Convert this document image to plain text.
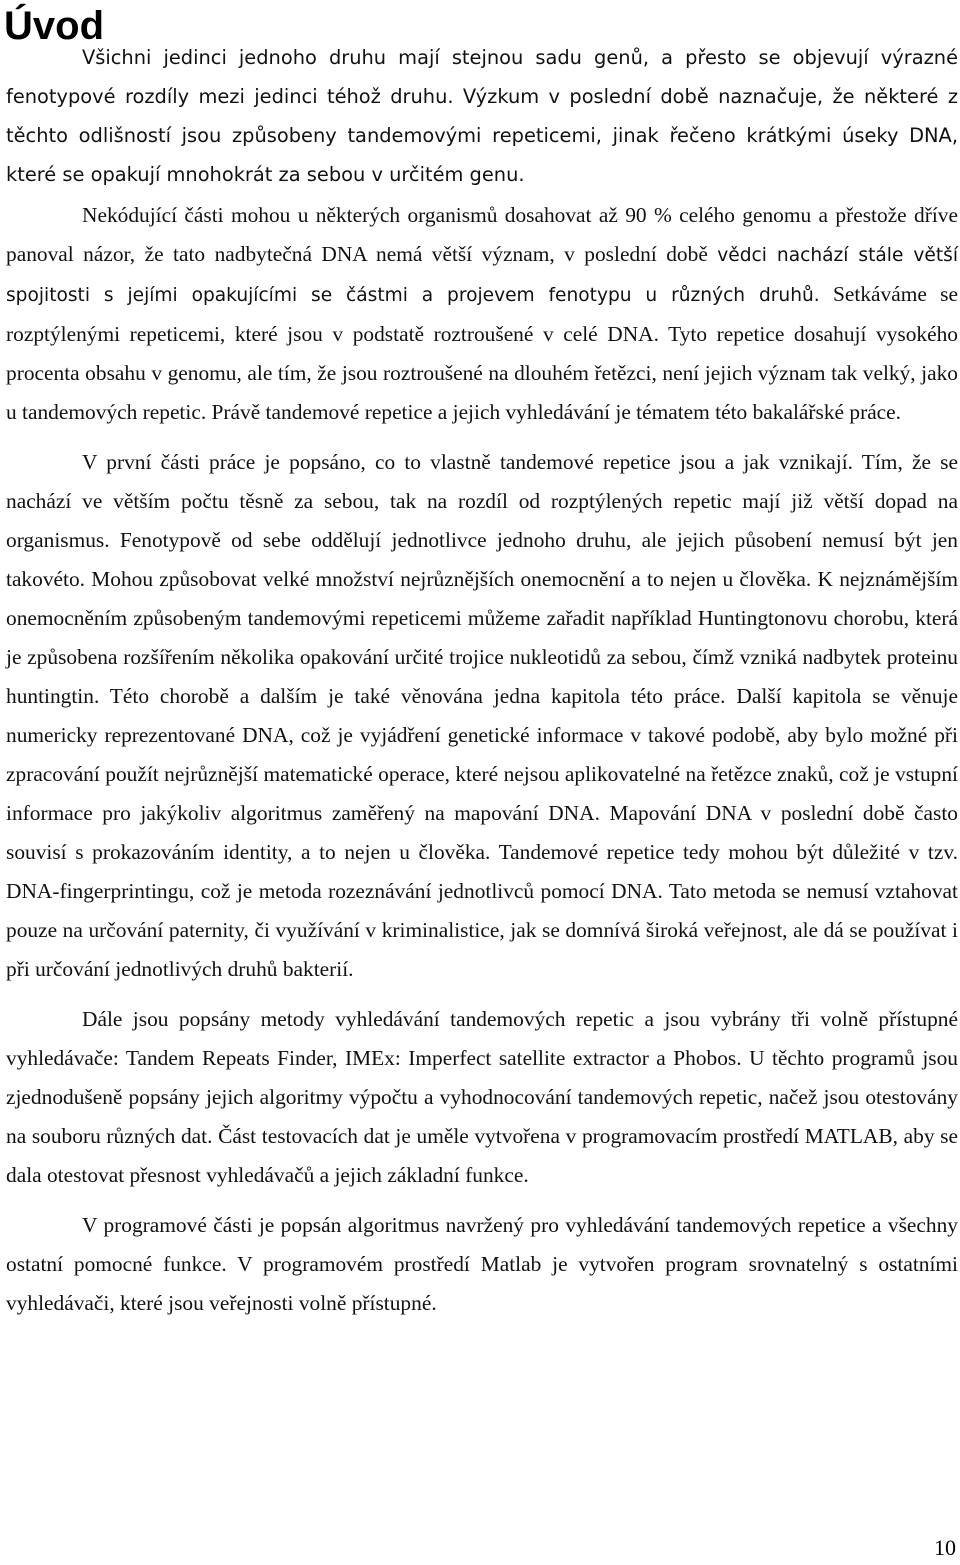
Úvod

Všichni jedinci jednoho druhu mají stejnou sadu genů, a přesto se objevují výrazné fenotypové rozdíly mezi jedinci téhož druhu. Výzkum v poslední době naznačuje, že některé z těchto odlišností jsou způsobeny tandemovými repeticemi, jinak řečeno krátkými úseky DNA, které se opakují mnohokrát za sebou v určitém genu.

Nekódující části mohou u některých organismů dosahovat až 90 % celého genomu a přestože dříve panoval názor, že tato nadbytečná DNA nemá větší význam, v poslední době vědci nachází stále větší spojitosti s jejími opakujícími se částmi a projevem fenotypu u různých druhů. Setkáváme se rozptýlenými repeticemi, které jsou v podstatě roztroušené v celé DNA. Tyto repetice dosahují vysokého procenta obsahu v genomu, ale tím, že jsou roztroušené na dlouhém řetězci, není jejich význam tak velký, jako u tandemových repetic. Právě tandemové repetice a jejich vyhledávání je tématem této bakalářské práce.

V první části práce je popsáno, co to vlastně tandemové repetice jsou a jak vznikají. Tím, že se nachází ve větším počtu těsně za sebou, tak na rozdíl od rozptýlených repetic mají již větší dopad na organismus. Fenotypově od sebe oddělují jednotlivce jednoho druhu, ale jejich působení nemusí být jen takovéto. Mohou způsobovat velké množství nejrůznějších onemocnění a to nejen u člověka. K nejznámějším onemocněním způsobeným tandemovými repeticemi můžeme zařadit například Huntingtonovu chorobu, která je způsobena rozšířením několika opakování určité trojice nukleotidů za sebou, čímž vzniká nadbytek proteinu huntingtin. Této chorobě a dalším je také věnována jedna kapitola této práce. Další kapitola se věnuje numericky reprezentované DNA, což je vyjádření genetické informace v takové podobě, aby bylo možné při zpracování použít nejrůznější matematické operace, které nejsou aplikovatelné na řetězce znaků, což je vstupní informace pro jakýkoliv algoritmus zaměřený na mapování DNA. Mapování DNA v poslední době často souvisí s prokazováním identity, a to nejen u člověka. Tandemové repetice tedy mohou být důležité v tzv. DNA-fingerprintingu, což je metoda rozeznávání jednotlivců pomocí DNA. Tato metoda se nemusí vztahovat pouze na určování paternity, či využívání v kriminalistice, jak se domnívá široká veřejnost, ale dá se používat i při určování jednotlivých druhů bakterií.

Dále jsou popsány metody vyhledávání tandemových repetic a jsou vybrány tři volně přístupné vyhledávače: Tandem Repeats Finder, IMEx: Imperfect satellite extractor a Phobos. U těchto programů jsou zjednodušeně popsány jejich algoritmy výpočtu a vyhodnocování tandemových repetic, načež jsou otestovány na souboru různých dat. Část testovacích dat je uměle vytvořena v programovacím prostředí MATLAB, aby se dala otestovat přesnost vyhledávačů a jejich základní funkce.

V programové části je popsán algoritmus navržený pro vyhledávání tandemových repetice a všechny ostatní pomocné funkce. V programovém prostředí Matlab je vytvořen program srovnatelný s ostatními vyhledávači, které jsou veřejnosti volně přístupné.

10
